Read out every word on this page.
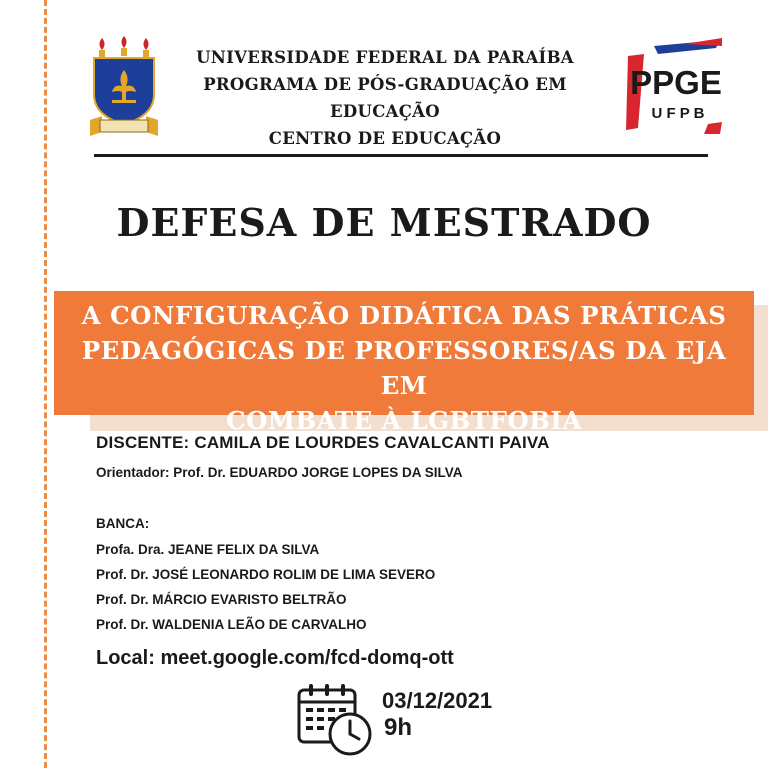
UNIVERSIDADE FEDERAL DA PARAÍBA
PROGRAMA DE PÓS-GRADUAÇÃO EM EDUCAÇÃO
CENTRO DE EDUCAÇÃO
PPGE
U F P B
DEFESA DE MESTRADO
A CONFIGURAÇÃO DIDÁTICA DAS PRÁTICAS
PEDAGÓGICAS DE PROFESSORES/AS DA EJA EM
COMBATE À LGBTFOBIA
DISCENTE: CAMILA DE LOURDES CAVALCANTI PAIVA
Orientador: Prof. Dr. EDUARDO JORGE LOPES DA SILVA
BANCA:
Profa. Dra. JEANE FELIX DA SILVA
Prof. Dr. JOSÉ LEONARDO ROLIM DE LIMA SEVERO
Prof. Dr. MÁRCIO EVARISTO BELTRÃO
Prof. Dr. WALDENIA LEÃO DE CARVALHO
Local: meet.google.com/fcd-domq-ott
03/12/2021
9h
